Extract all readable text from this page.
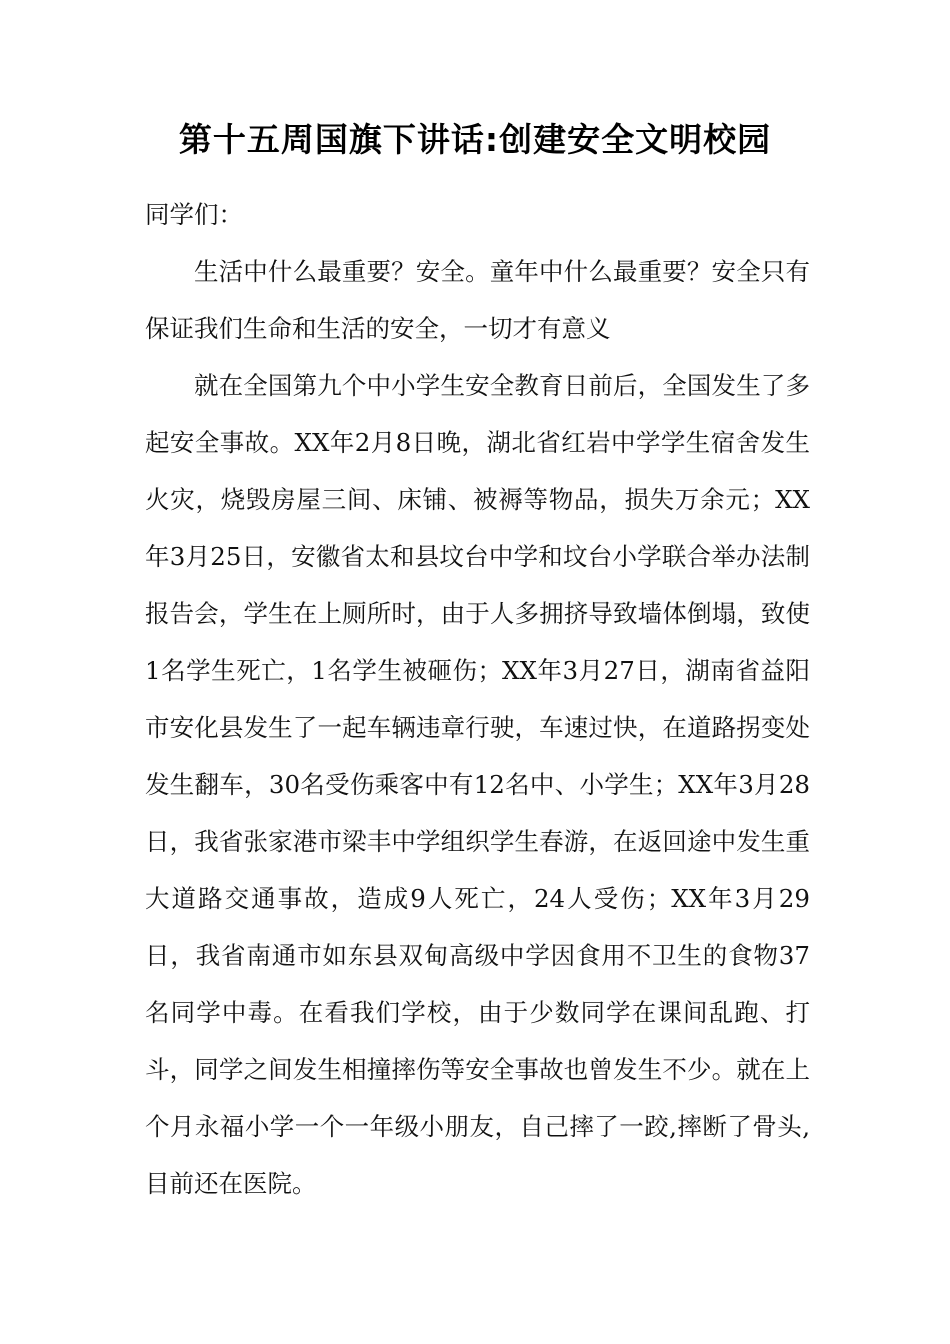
第十五周国旗下讲话:创建安全文明校园

同学们：

生活中什么最重要？安全。童年中什么最重要？安全只有保证我们生命和生活的安全，一切才有意义

就在全国第九个中小学生安全教育日前后，全国发生了多起安全事故。XX年2月8日晚，湖北省红岩中学学生宿舍发生火灾，烧毁房屋三间、床铺、被褥等物品，损失万余元；XX年3月25日，安徽省太和县坟台中学和坟台小学联合举办法制报告会，学生在上厕所时，由于人多拥挤导致墙体倒塌，致使1名学生死亡，1名学生被砸伤；XX年3月27日，湖南省益阳市安化县发生了一起车辆违章行驶，车速过快，在道路拐变处发生翻车，30名受伤乘客中有12名中、小学生；XX年3月28日，我省张家港市梁丰中学组织学生春游，在返回途中发生重大道路交通事故，造成9人死亡，24人受伤；XX年3月29日，我省南通市如东县双甸高级中学因食用不卫生的食物37名同学中毒。在看我们学校，由于少数同学在课间乱跑、打斗，同学之间发生相撞摔伤等安全事故也曾发生不少。就在上个月永福小学一个一年级小朋友，自己摔了一跤,摔断了骨头,目前还在医院。
